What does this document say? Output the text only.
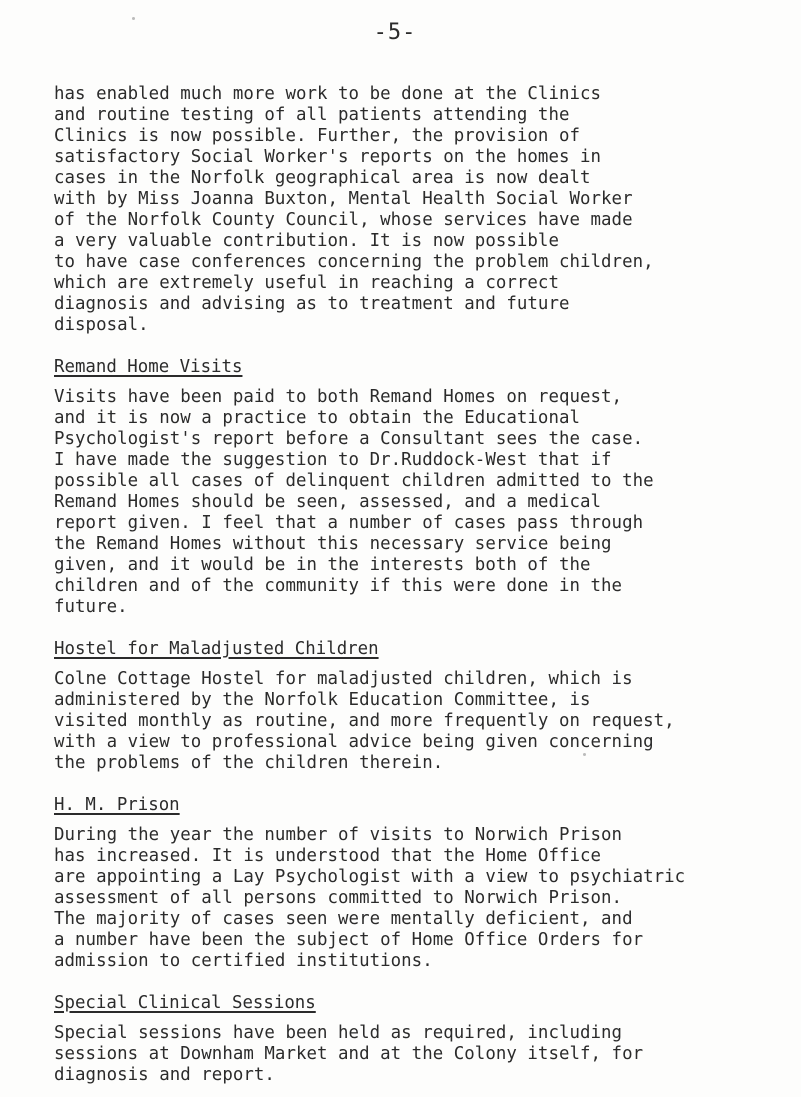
-5-
has enabled much more work to be done at the Clinics
and routine testing of all patients attending the
Clinics is now possible. Further, the provision of
satisfactory Social Worker's reports on the homes in
cases in the Norfolk geographical area is now dealt
with by Miss Joanna Buxton, Mental Health Social Worker
of the Norfolk County Council, whose services have made
a very valuable contribution. It is now possible
to have case conferences concerning the problem children,
which are extremely useful in reaching a correct
diagnosis and advising as to treatment and future
disposal.
Remand Home Visits
Visits have been paid to both Remand Homes on request,
and it is now a practice to obtain the Educational
Psychologist's report before a Consultant sees the case.
I have made the suggestion to Dr.Ruddock-West that if
possible all cases of delinquent children admitted to the
Remand Homes should be seen, assessed, and a medical
report given. I feel that a number of cases pass through
the Remand Homes without this necessary service being
given, and it would be in the interests both of the
children and of the community if this were done in the
future.
Hostel for Maladjusted Children
Colne Cottage Hostel for maladjusted children, which is
administered by the Norfolk Education Committee, is
visited monthly as routine, and more frequently on request,
with a view to professional advice being given concerning
the problems of the children therein.
H. M. Prison
During the year the number of visits to Norwich Prison
has increased. It is understood that the Home Office
are appointing a Lay Psychologist with a view to psychiatric
assessment of all persons committed to Norwich Prison.
The majority of cases seen were mentally deficient, and
a number have been the subject of Home Office Orders for
admission to certified institutions.
Special Clinical Sessions
Special sessions have been held as required, including
sessions at Downham Market and at the Colony itself, for
diagnosis and report.
